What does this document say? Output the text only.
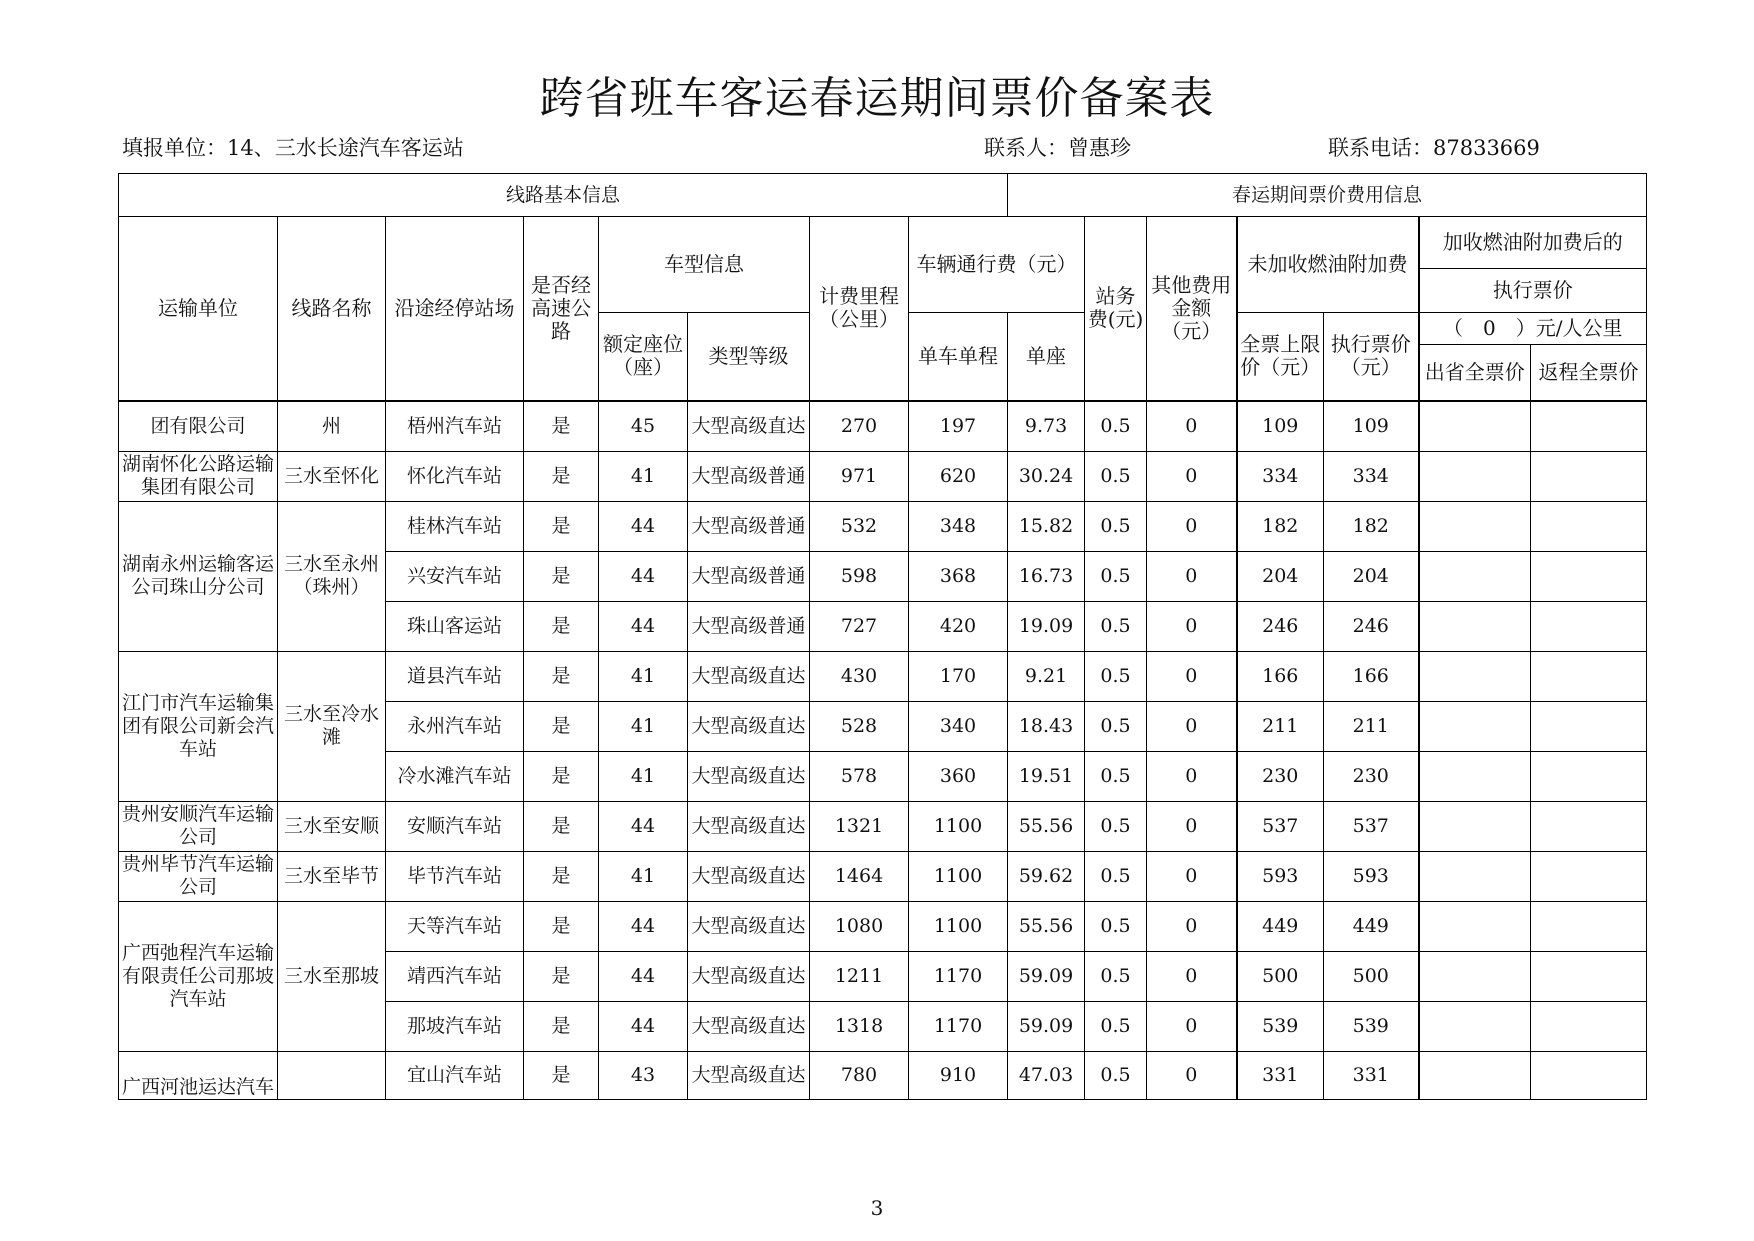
跨省班车客运春运期间票价备案表
填报单位：14、三水长途汽车客运站	联系人：曾惠珍	联系电话：87833669
线路基本信息								春运期间票价费用信息						
运输单位	线路名称	沿途经停站场	是否经高速公路	车型信息		计费里程（公里）	车辆通行费（元）		站务费(元)	其他费用金额（元）	未加收燃油附加费		加收燃油附加费后的	
													执行票价	
				额定座位（座）	类型等级		单车单程	单座			全票上限价（元）	执行票价（元）	（　0　）元/人公里	
													出省全票价	返程全票价
团有限公司	州	梧州汽车站	是	45	大型高级直达	270	197	9.73	0.5	0	109	109		
湖南怀化公路运输集团有限公司	三水至怀化	怀化汽车站	是	41	大型高级普通	971	620	30.24	0.5	0	334	334		
湖南永州运输客运公司珠山分公司	三水至永州（珠州）	桂林汽车站	是	44	大型高级普通	532	348	15.82	0.5	0	182	182		
		兴安汽车站	是	44	大型高级普通	598	368	16.73	0.5	0	204	204		
		珠山客运站	是	44	大型高级普通	727	420	19.09	0.5	0	246	246		
江门市汽车运输集团有限公司新会汽车站	三水至冷水滩	道县汽车站	是	41	大型高级直达	430	170	9.21	0.5	0	166	166		
		永州汽车站	是	41	大型高级直达	528	340	18.43	0.5	0	211	211		
		冷水滩汽车站	是	41	大型高级直达	578	360	19.51	0.5	0	230	230		
贵州安顺汽车运输公司	三水至安顺	安顺汽车站	是	44	大型高级直达	1321	1100	55.56	0.5	0	537	537		
贵州毕节汽车运输公司	三水至毕节	毕节汽车站	是	41	大型高级直达	1464	1100	59.62	0.5	0	593	593		
广西弛程汽车运输有限责任公司那坡汽车站	三水至那坡	天等汽车站	是	44	大型高级直达	1080	1100	55.56	0.5	0	449	449		
		靖西汽车站	是	44	大型高级直达	1211	1170	59.09	0.5	0	500	500		
		那坡汽车站	是	44	大型高级直达	1318	1170	59.09	0.5	0	539	539		
广西河池运达汽车		宜山汽车站	是	43	大型高级直达	780	910	47.03	0.5	0	331	331		
3
